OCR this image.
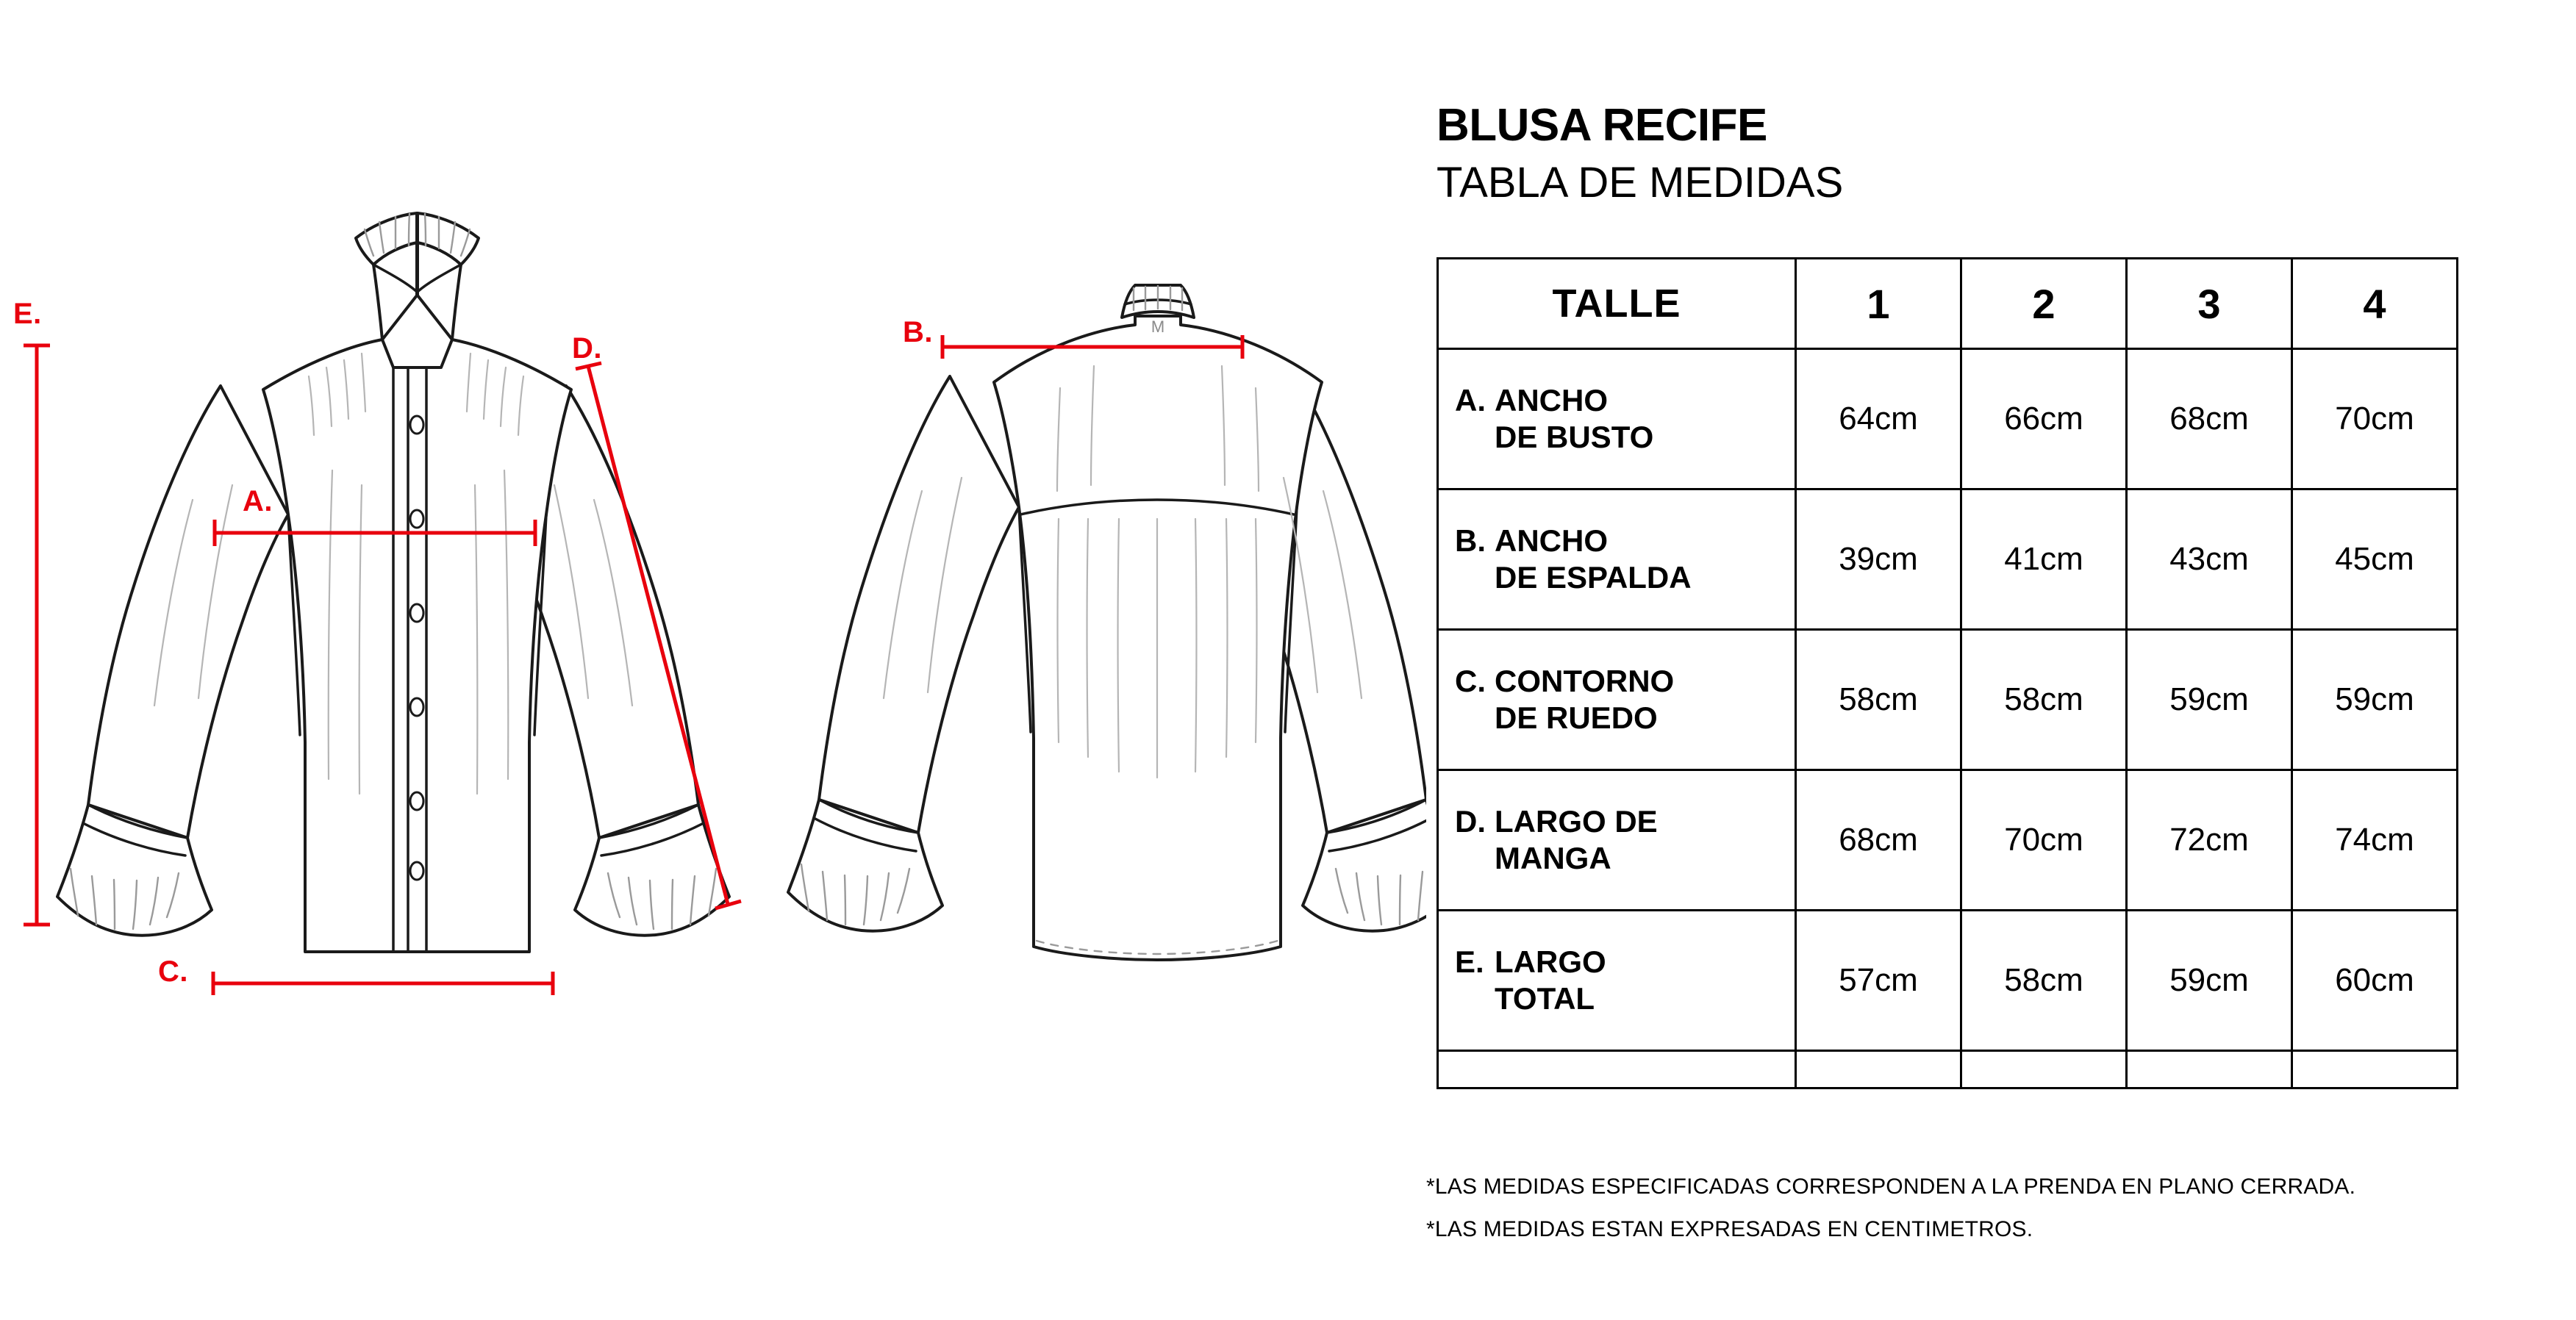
M
E.
A.
C.
D.	B.
BLUSA RECIFE
TABLA DE MEDIDAS
TALLE	1	2	3	4
A. ANCHO
DE BUSTO	64cm	66cm	68cm	70cm
B. ANCHO
DE ESPALDA	39cm	41cm	43cm	45cm
C. CONTORNO
DE RUEDO	58cm	58cm	59cm	59cm
D. LARGO DE
MANGA	68cm	70cm	72cm	74cm
E. LARGO
TOTAL	57cm	58cm	59cm	60cm

*LAS MEDIDAS ESPECIFICADAS CORRESPONDEN A LA PRENDA EN PLANO CERRADA.
*LAS MEDIDAS ESTAN EXPRESADAS EN CENTIMETROS.
